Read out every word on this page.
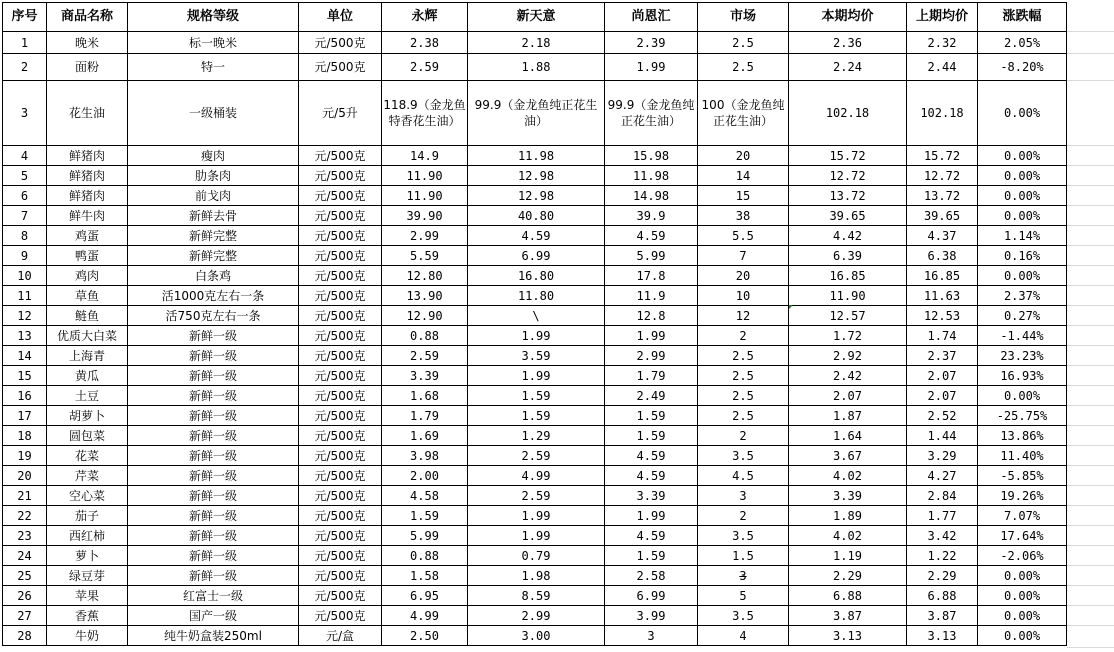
序号	商品名称	规格等级	单位	永辉	新天意	尚恩汇	市场	本期均价	上期均价	涨跌幅
1	晚米	标一晚米	元/500克	2.38	2.18	2.39	2.5	2.36	2.32	2.05%
2	面粉	特一	元/500克	2.59	1.88	1.99	2.5	2.24	2.44	-8.20%
3	花生油	一级桶装	元/5升	118.9（金龙鱼特香花生油）	99.9（金龙鱼纯正花生油）	99.9（金龙鱼纯正花生油）	100（金龙鱼纯正花生油）	102.18	102.18	0.00%
4	鲜猪肉	瘦肉	元/500克	14.9	11.98	15.98	20	15.72	15.72	0.00%
5	鲜猪肉	肋条肉	元/500克	11.90	12.98	11.98	14	12.72	12.72	0.00%
6	鲜猪肉	前戈肉	元/500克	11.90	12.98	14.98	15	13.72	13.72	0.00%
7	鲜牛肉	新鲜去骨	元/500克	39.90	40.80	39.9	38	39.65	39.65	0.00%
8	鸡蛋	新鲜完整	元/500克	2.99	4.59	4.59	5.5	4.42	4.37	1.14%
9	鸭蛋	新鲜完整	元/500克	5.59	6.99	5.99	7	6.39	6.38	0.16%
10	鸡肉	白条鸡	元/500克	12.80	16.80	17.8	20	16.85	16.85	0.00%
11	草鱼	活1000克左右一条	元/500克	13.90	11.80	11.9	10	11.90	11.63	2.37%
12	鲢鱼	活750克左右一条	元/500克	12.90	\	12.8	12	12.57	12.53	0.27%
13	优质大白菜	新鲜一级	元/500克	0.88	1.99	1.99	2	1.72	1.74	-1.44%
14	上海青	新鲜一级	元/500克	2.59	3.59	2.99	2.5	2.92	2.37	23.23%
15	黄瓜	新鲜一级	元/500克	3.39	1.99	1.79	2.5	2.42	2.07	16.93%
16	土豆	新鲜一级	元/500克	1.68	1.59	2.49	2.5	2.07	2.07	0.00%
17	胡萝卜	新鲜一级	元/500克	1.79	1.59	1.59	2.5	1.87	2.52	-25.75%
18	圆包菜	新鲜一级	元/500克	1.69	1.29	1.59	2	1.64	1.44	13.86%
19	花菜	新鲜一级	元/500克	3.98	2.59	4.59	3.5	3.67	3.29	11.40%
20	芹菜	新鲜一级	元/500克	2.00	4.99	4.59	4.5	4.02	4.27	-5.85%
21	空心菜	新鲜一级	元/500克	4.58	2.59	3.39	3	3.39	2.84	19.26%
22	茄子	新鲜一级	元/500克	1.59	1.99	1.99	2	1.89	1.77	7.07%
23	西红柿	新鲜一级	元/500克	5.99	1.99	4.59	3.5	4.02	3.42	17.64%
24	萝卜	新鲜一级	元/500克	0.88	0.79	1.59	1.5	1.19	1.22	-2.06%
25	绿豆芽	新鲜一级	元/500克	1.58	1.98	2.58	3	2.29	2.29	0.00%
26	苹果	红富士一级	元/500克	6.95	8.59	6.99	5	6.88	6.88	0.00%
27	香蕉	国产一级	元/500克	4.99	2.99	3.99	3.5	3.87	3.87	0.00%
28	牛奶	纯牛奶盒装250ml	元/盒	2.50	3.00	3	4	3.13	3.13	0.00%
